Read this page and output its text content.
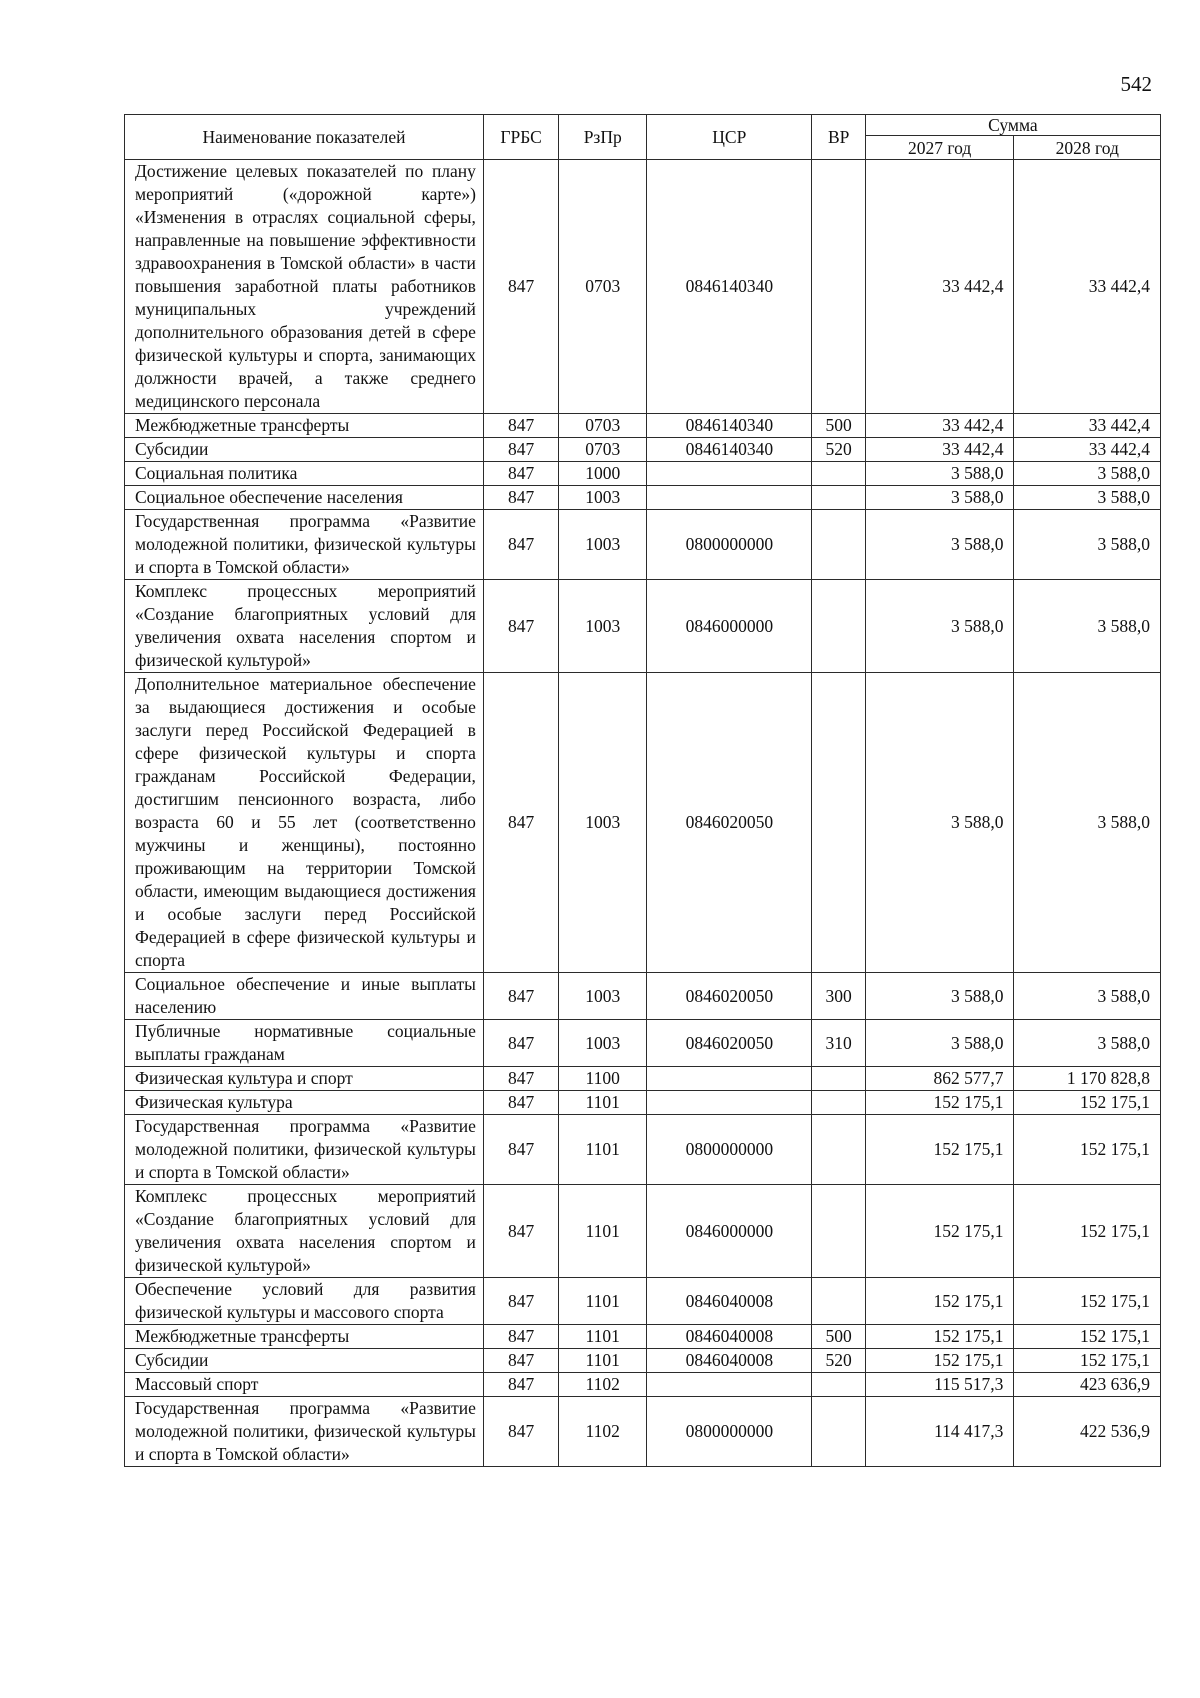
542
Наименование показателей	ГРБС	РзПр	ЦСР	ВР	Сумма	
					2027 год	2028 год
Достижение целевых показателей по плану мероприятий («дорожной карте») «Изменения в отраслях социальной сферы, направленные на повышение эффективности здравоохранения в Томской области» в части повышения заработной платы работников муниципальных учреждений дополнительного образования детей в сфере физической культуры и спорта, занимающих должности врачей, а также среднего медицинского персонала	847	0703	0846140340		33 442,4	33 442,4
Межбюджетные трансферты	847	0703	0846140340	500	33 442,4	33 442,4
Субсидии	847	0703	0846140340	520	33 442,4	33 442,4
Социальная политика	847	1000			3 588,0	3 588,0
Социальное обеспечение населения	847	1003			3 588,0	3 588,0
Государственная программа «Развитие молодежной политики, физической культуры и спорта в Томской области»	847	1003	0800000000		3 588,0	3 588,0
Комплекс процессных мероприятий «Создание благоприятных условий для увеличения охвата населения спортом и физической культурой»	847	1003	0846000000		3 588,0	3 588,0
Дополнительное материальное обеспечение за выдающиеся достижения и особые заслуги перед Российской Федерацией в сфере физической культуры и спорта гражданам Российской Федерации, достигшим пенсионного возраста, либо возраста 60 и 55 лет (соответственно мужчины и женщины), постоянно проживающим на территории Томской области, имеющим выдающиеся достижения и особые заслуги перед Российской Федерацией в сфере физической культуры и спорта	847	1003	0846020050		3 588,0	3 588,0
Социальное обеспечение и иные выплаты населению	847	1003	0846020050	300	3 588,0	3 588,0
Публичные нормативные социальные выплаты гражданам	847	1003	0846020050	310	3 588,0	3 588,0
Физическая культура и спорт	847	1100			862 577,7	1 170 828,8
Физическая культура	847	1101			152 175,1	152 175,1
Государственная программа «Развитие молодежной политики, физической культуры и спорта в Томской области»	847	1101	0800000000		152 175,1	152 175,1
Комплекс процессных мероприятий «Создание благоприятных условий для увеличения охвата населения спортом и физической культурой»	847	1101	0846000000		152 175,1	152 175,1
Обеспечение условий для развития физической культуры и массового спорта	847	1101	0846040008		152 175,1	152 175,1
Межбюджетные трансферты	847	1101	0846040008	500	152 175,1	152 175,1
Субсидии	847	1101	0846040008	520	152 175,1	152 175,1
Массовый спорт	847	1102			115 517,3	423 636,9
Государственная программа «Развитие молодежной политики, физической культуры и спорта в Томской области»	847	1102	0800000000		114 417,3	422 536,9
